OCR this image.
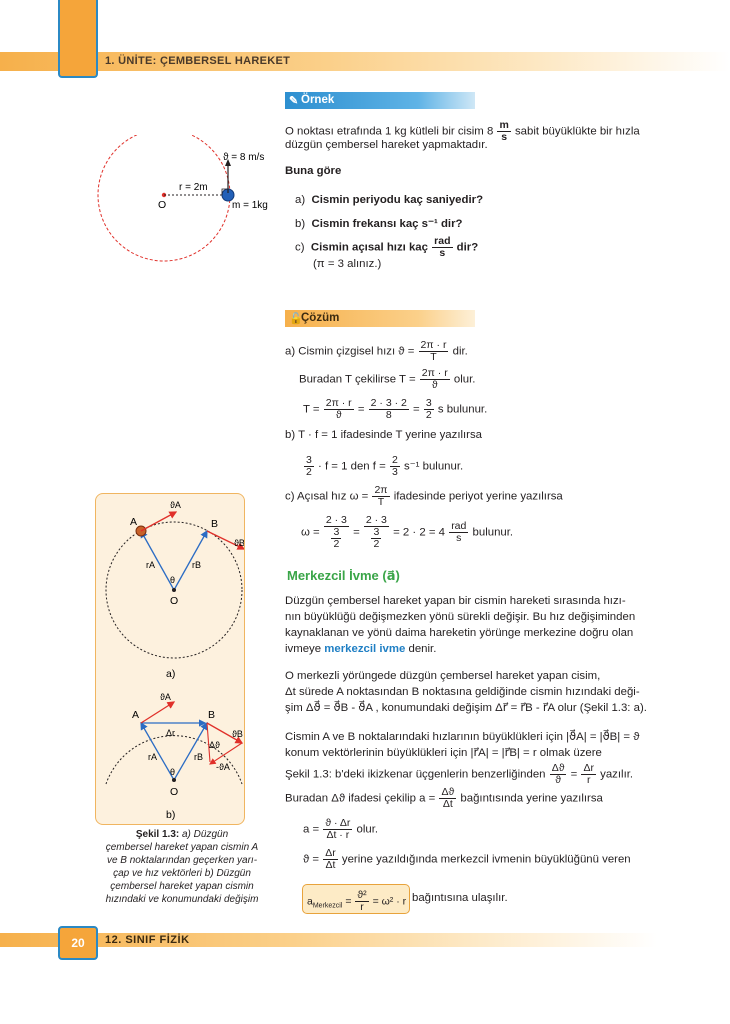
1. ÜNİTE: ÇEMBERSEL HAREKET
✎ Örnek
O noktası etrafında 1 kg kütleli bir cisim $8 \frac{m}{s}$ sabit büyüklükte bir hızla
düzgün çembersel hareket yapmaktadır.
Buna göre
a) Cismin periyodu kaç saniyedir?
b) Cismin frekansı kaç s⁻¹ dir?
c) Cismin açısal hızı kaç $\frac{\text{rad}}{s}$ dir?
(π = 3 alınız.)
ϑ = 8 m/s
r = 2m
O	m = 1kg
🔓
Çözüm
a) Cismin çizgisel hızı $ϑ = \frac{2\pi \cdot r}{T}$ dir.
Buradan T çekilirse $T = \frac{2\pi \cdot r}{ϑ}$ olur.
$T = \frac{2\pi \cdot r}{ϑ} = \frac{2 \cdot 3 \cdot 2}{8} = \frac{3}{2}$ s bulunur.
b) T · f = 1 ifadesinde T yerine yazılırsa
$\frac{3}{2} \cdot f = 1$ den $f = \frac{2}{3} s^{-1}$ bulunur.
c) Açısal hız $\omega = \frac{2\pi}{T}$ ifadesinde periyot yerine yazılırsa
$\omega = \frac{2 \cdot 3}{\frac{3}{2}} = \frac{2 \cdot 3}{\frac{3}{2}} = 2 \cdot 2 = 4 \frac{\text{rad}}{s}$ bulunur.
Merkezcil İvme (a⃗)
Düzgün çembersel hareket yapan bir cismin hareketi sırasında hızı-
nın büyüklüğü değişmezken yönü sürekli değişir. Bu hız değişiminden
kaynaklanan ve yönü daima hareketin yörünge merkezine doğru olan
ivmeye merkezcil ivme denir.
O merkezli yörüngede düzgün çembersel hareket yapan cisim,
Δt sürede A noktasından B noktasına geldiğinde cismin hızındaki deği-
şim Δϑ⃗ = ϑ⃗B - ϑ⃗A , konumundaki değişim Δr⃗ = r⃗B - r⃗A olur (Şekil 1.3: a).
Cismin A ve B noktalarındaki hızlarının büyüklükleri için |ϑ⃗A| = |ϑ⃗B| = ϑ
konum vektörlerinin büyüklükleri için |r⃗A| = |r⃗B| = r olmak üzere
Şekil 1.3: b'deki ikizkenar üçgenlerin benzerliğinden $\frac{\Delta ϑ}{ϑ} = \frac{\Delta r}{r}$ yazılır.
Buradan Δϑ ifadesi çekilip $a = \frac{\Delta ϑ}{\Delta t}$ bağıntısında yerine yazılırsa
$a = \frac{ϑ \cdot \Delta r}{\Delta t \cdot r}$ olur.
$ϑ = \frac{\Delta r}{\Delta t}$ yerine yazıldığında merkezcil ivmenin büyüklüğünü veren
$a_{Merkezcil} = \frac{\text{ϑ²}}{r} = \omega^2 \cdot r$ bağıntısına ulaşılır.
A	B
O
ϑA
ϑB
rA	rB
θ
a)
A	B
O
ϑA
ϑB
Δr
Δϑ
-ϑA
rA	rB
θ
b)
Şekil 1.3: a) Düzgün
çembersel hareket yapan cismin A
ve B noktalarından geçerken yarı-
çap ve hız vektörleri b) Düzgün
çembersel hareket yapan cismin
hızındaki ve konumundaki değişim
20	12. SINIF FİZİK
